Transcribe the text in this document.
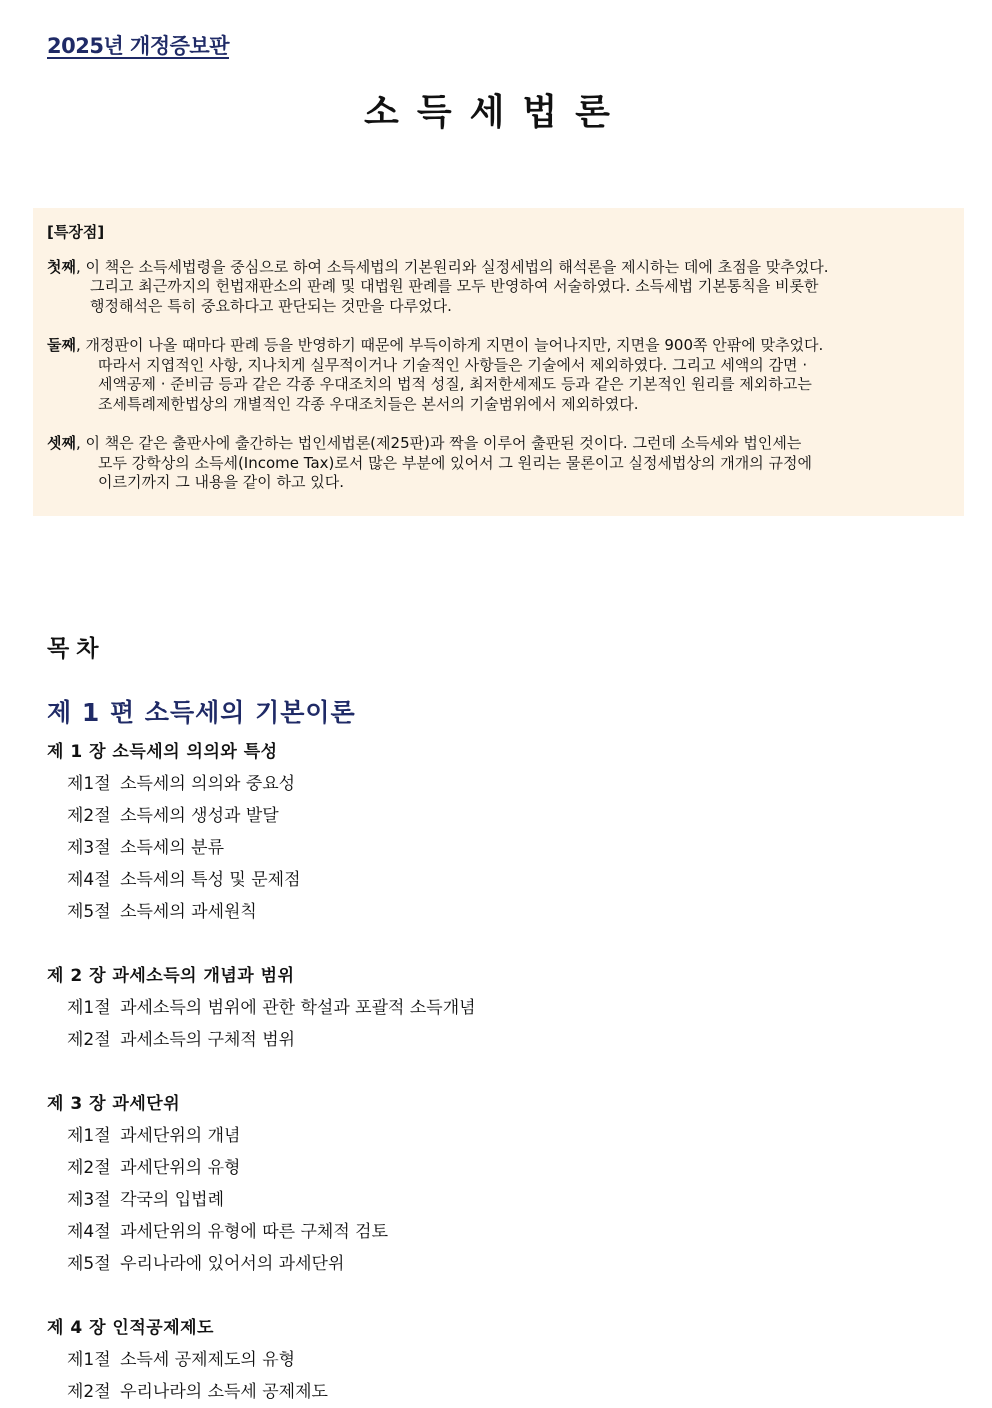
2025년 개정증보판
소득세법론
[특장점]
첫째, 이 책은 소득세법령을 중심으로 하여 소득세법의 기본원리와 실정세법의 해석론을 제시하는 데에 초점을 맞추었다.
그리고 최근까지의 헌법재판소의 판례 및 대법원 판례를 모두 반영하여 서술하였다. 소득세법 기본통칙을 비롯한
행정해석은 특히 중요하다고 판단되는 것만을 다루었다.
둘째, 개정판이 나올 때마다 판례 등을 반영하기 때문에 부득이하게 지면이 늘어나지만, 지면을 900쪽 안팎에 맞추었다.
따라서 지엽적인 사항, 지나치게 실무적이거나 기술적인 사항들은 기술에서 제외하였다. 그리고 세액의 감면 ·
세액공제 · 준비금 등과 같은 각종 우대조치의 법적 성질, 최저한세제도 등과 같은 기본적인 원리를 제외하고는
조세특례제한법상의 개별적인 각종 우대조치들은 본서의 기술범위에서 제외하였다.
셋째, 이 책은 같은 출판사에 출간하는 법인세법론(제25판)과 짝을 이루어 출판된 것이다. 그런데 소득세와 법인세는
모두 강학상의 소득세(Income Tax)로서 많은 부분에 있어서 그 원리는 물론이고 실정세법상의 개개의 규정에
이르기까지 그 내용을 같이 하고 있다.
목차
제 1 편 소득세의 기본이론
제 1 장 소득세의 의의와 특성
제1절 소득세의 의의와 중요성
제2절 소득세의 생성과 발달
제3절 소득세의 분류
제4절 소득세의 특성 및 문제점
제5절 소득세의 과세원칙
제 2 장 과세소득의 개념과 범위
제1절 과세소득의 범위에 관한 학설과 포괄적 소득개념
제2절 과세소득의 구체적 범위
제 3 장 과세단위
제1절 과세단위의 개념
제2절 과세단위의 유형
제3절 각국의 입법례
제4절 과세단위의 유형에 따른 구체적 검토
제5절 우리나라에 있어서의 과세단위
제 4 장 인적공제제도
제1절 소득세 공제제도의 유형
제2절 우리나라의 소득세 공제제도
